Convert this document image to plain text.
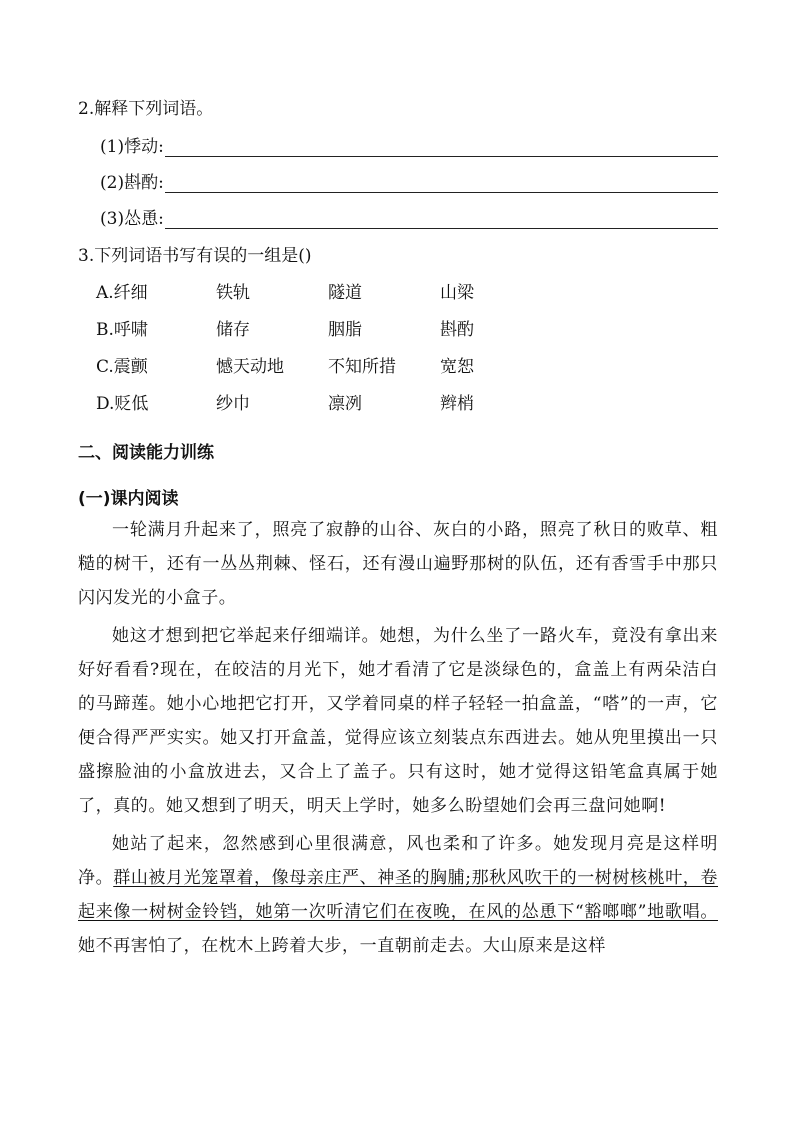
2.解释下列词语。
(1)悸动:
(2)斟酌:
(3)怂恿:
3.下列词语书写有误的一组是()
A.纤细	铁轨	隧道	山梁
B.呼啸	储存	胭脂	斟酌
C.震颤	憾天动地	不知所措	宽恕
D.贬低	纱巾	凛冽	辫梢
二、阅读能力训练
(一)课内阅读

一轮满月升起来了，照亮了寂静的山谷、灰白的小路，照亮了秋日的败草、粗糙的树干，还有一丛丛荆棘、怪石，还有漫山遍野那树的队伍，还有香雪手中那只闪闪发光的小盒子。

她这才想到把它举起来仔细端详。她想，为什么坐了一路火车，竟没有拿出来好好看看?现在，在皎洁的月光下，她才看清了它是淡绿色的，盒盖上有两朵洁白的马蹄莲。她小心地把它打开，又学着同桌的样子轻轻一拍盒盖，“嗒”的一声，它便合得严严实实。她又打开盒盖，觉得应该立刻装点东西进去。她从兜里摸出一只盛擦脸油的小盒放进去，又合上了盖子。只有这时，她才觉得这铅笔盒真属于她了，真的。她又想到了明天，明天上学时，她多么盼望她们会再三盘问她啊!

她站了起来，忽然感到心里很满意，风也柔和了许多。她发现月亮是这样明净。群山被月光笼罩着，像母亲庄严、神圣的胸脯;那秋风吹干的一树树核桃叶，卷起来像一树树金铃铛，她第一次听清它们在夜晚，在风的怂恿下“豁啷啷”地歌唱。她不再害怕了，在枕木上跨着大步，一直朝前走去。大山原来是这样
